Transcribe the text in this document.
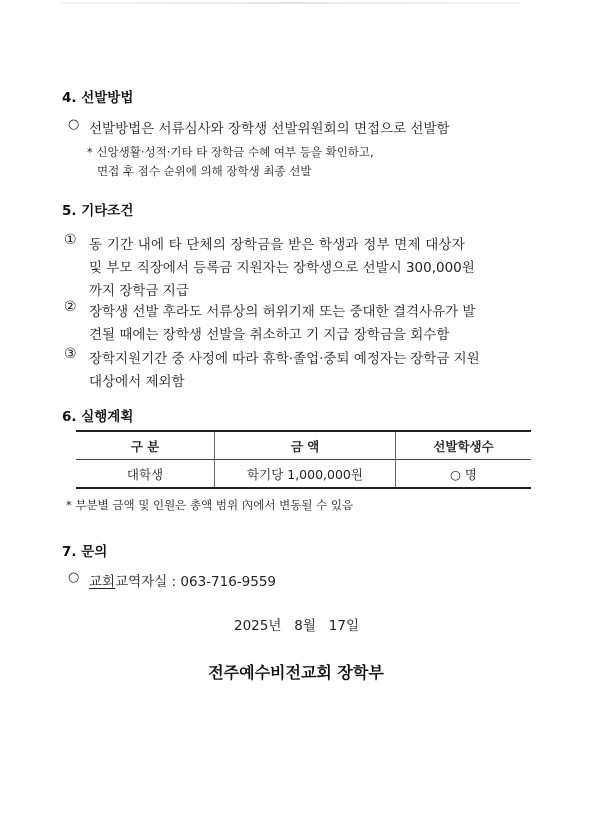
4. 선발방법
○ 선발방법은 서류심사와 장학생 선발위원회의 면접으로 선발함
* 신앙생활·성적·기타 타 장학금 수혜 여부 등을 확인하고,
면접 후 점수 순위에 의해 장학생 최종 선발
5. 기타조건
① 동 기간 내에 타 단체의 장학금을 받은 학생과 정부 면제 대상자
및 부모 직장에서 등록금 지원자는 장학생으로 선발시 300,000원
까지 장학금 지급
② 장학생 선발 후라도 서류상의 허위기재 또는 중대한 결격사유가 발
견될 때에는 장학생 선발을 취소하고 기 지급 장학금을 회수함
③ 장학지원기간 중 사정에 따라 휴학·졸업·중퇴 예정자는 장학금 지원
대상에서 제외함
6. 실행계획
구 분	금 액	선발학생수
대학생	학기당 1,000,000원	○ 명
* 부분별 금액 및 인원은 총액 범위 內에서 변동될 수 있음
7. 문의
○ 교회교역자실 : 063-716-9559
2025년   8월   17일
전주예수비전교회 장학부
